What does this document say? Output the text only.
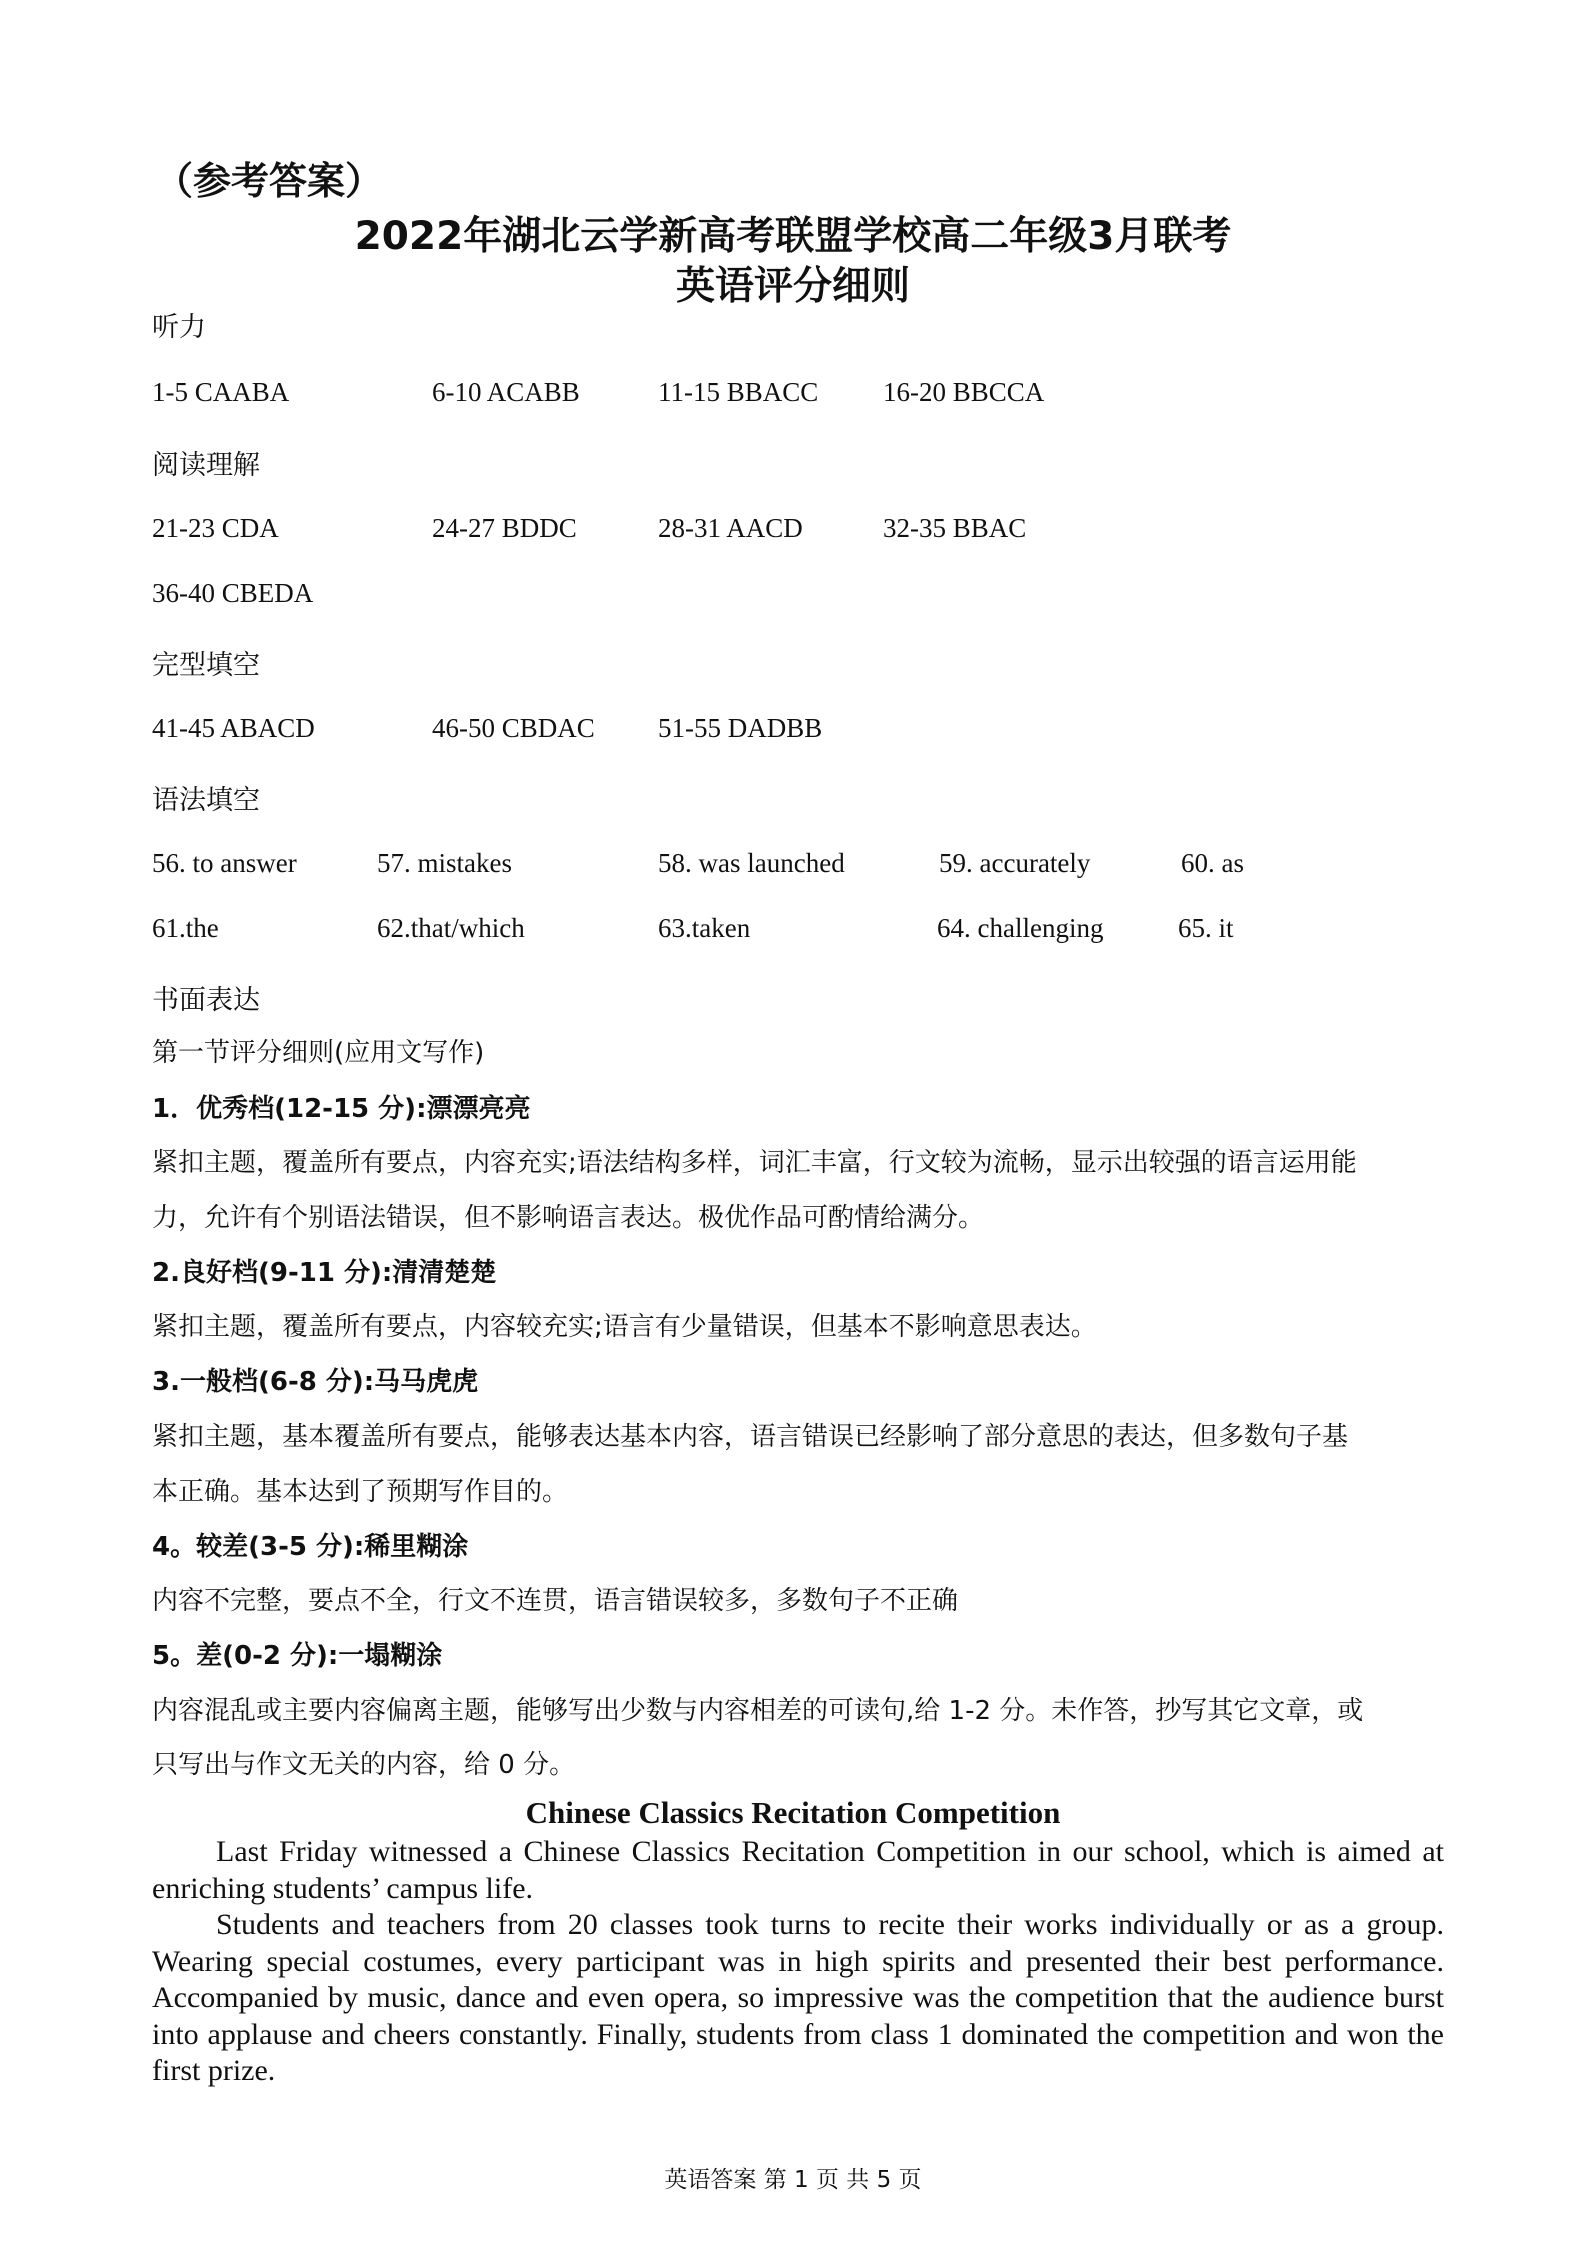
（参考答案）
2022年湖北云学新高考联盟学校高二年级3月联考
英语评分细则
听力
1-5 CAABA	6-10 ACABB	11-15 BBACC 16-20 BBCCA
阅读理解
21-23 CDA	24-27 BDDC	28-31 AACD	32-35 BBAC
36-40 CBEDA
完型填空
41-45 ABACD	46-50 CBDAC 51-55 DADBB
语法填空
56. to answer	57. mistakes	58. was launched	59. accurately	60. as
61.the	62.that/which	63.taken	64. challenging	65. it
书面表达
第一节评分细则(应用文写作)
1．优秀档(12-15 分):漂漂亮亮
紧扣主题，覆盖所有要点，内容充实;语法结构多样，词汇丰富，行文较为流畅，显示出较强的语言运用能
力，允许有个别语法错误，但不影响语言表达。极优作品可酌情给满分。
2.良好档(9-11 分):清清楚楚
紧扣主题，覆盖所有要点，内容较充实;语言有少量错误，但基本不影响意思表达。
3.一般档(6-8 分):马马虎虎
紧扣主题，基本覆盖所有要点，能够表达基本内容，语言错误已经影响了部分意思的表达，但多数句子基
本正确。基本达到了预期写作目的。
4。较差(3-5 分):稀里糊涂
内容不完整，要点不全，行文不连贯，语言错误较多，多数句子不正确
5。差(0-2 分):一塌糊涂
内容混乱或主要内容偏离主题，能够写出少数与内容相差的可读句,给 1-2 分。未作答，抄写其它文章，或
只写出与作文无关的内容，给 0 分。
Chinese Classics Recitation Competition
Last Friday witnessed a Chinese Classics Recitation Competition in our school, which is aimed at enriching students’ campus life.
Students and teachers from 20 classes took turns to recite their works individually or as a group. Wearing special costumes, every participant was in high spirits and presented their best performance. Accompanied by music, dance and even opera, so impressive was the competition that the audience burst into applause and cheers constantly. Finally, students from class 1 dominated the competition and won the first prize.
英语答案 第 1 页 共 5 页
